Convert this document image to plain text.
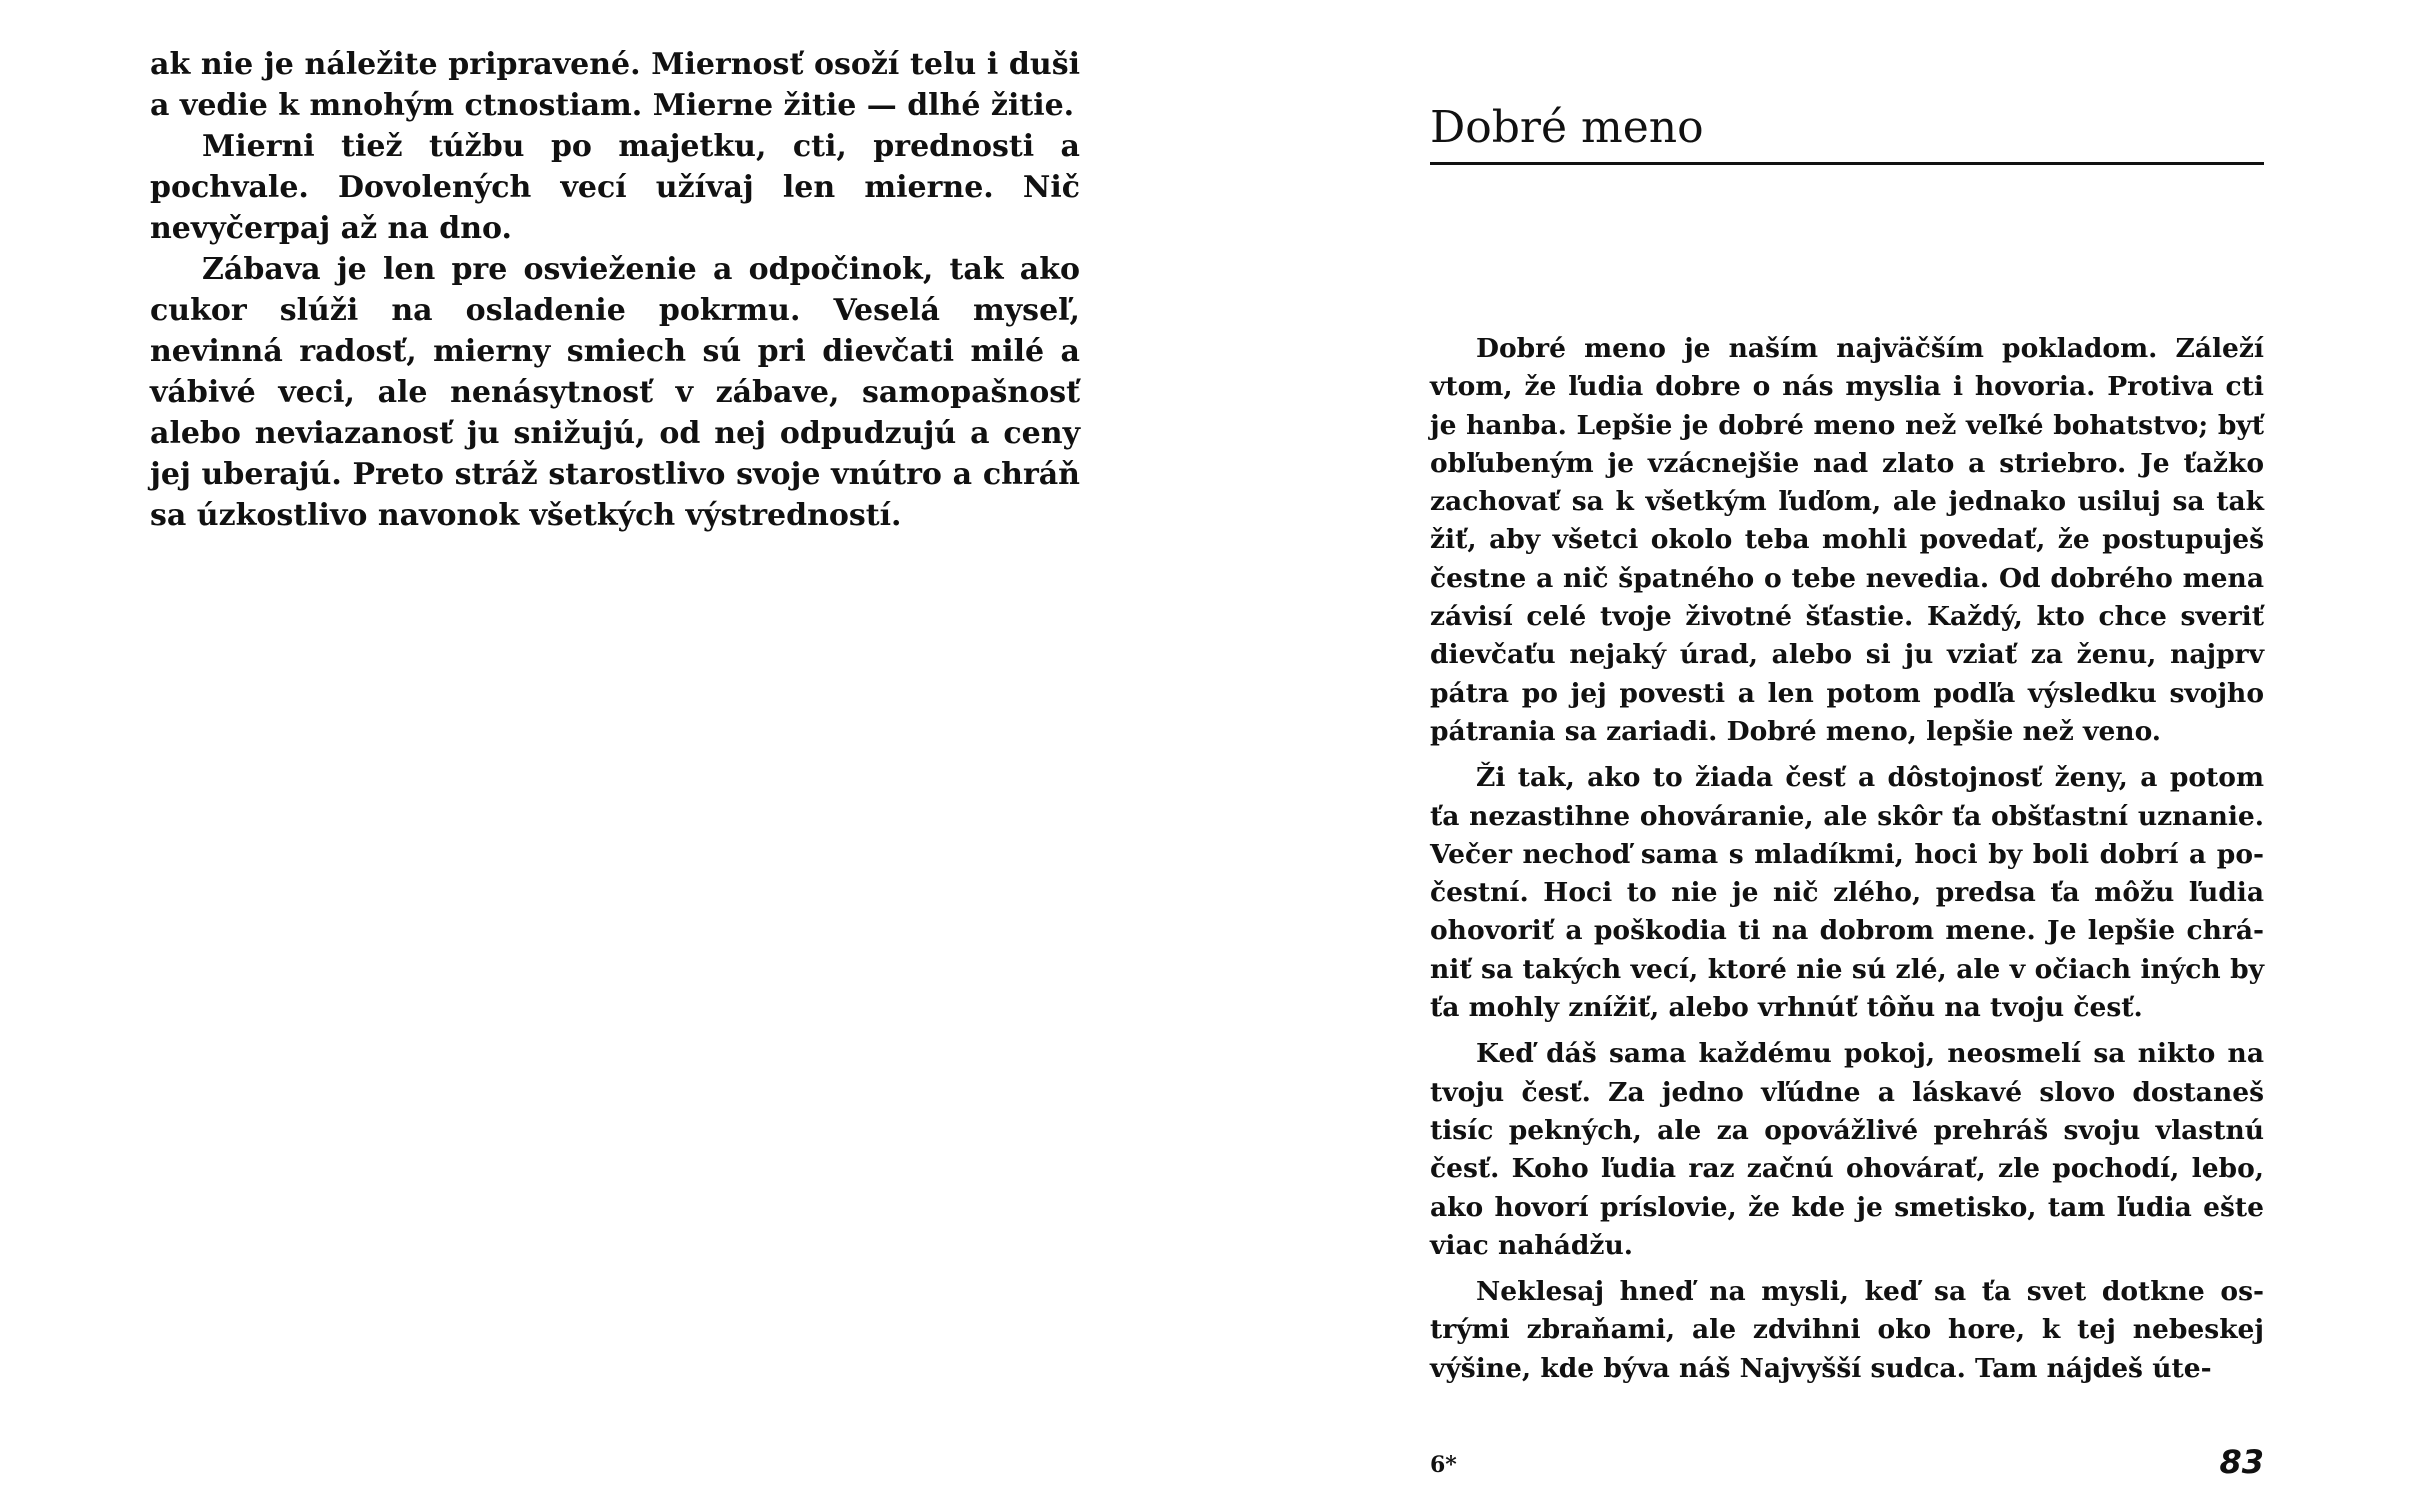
ak nie je náležite pripravené. Miernosť osoží telu i duši a vedie k mnohým ctnostiam. Mierne žitie — dlhé žitie.

Mierni tiež túžbu po majetku, cti, prednosti a pochvale. Dovolených vecí užívaj len mierne. Nič nevyčerpaj až na dno.

Zábava je len pre osvieženie a odpočinok, tak ako cukor slúži na osladenie pokrmu. Veselá myseľ, nevinná radosť, mierny smiech sú pri dievčati milé a vábivé veci, ale nenásytnosť v zábave, samopašnosť alebo neviazanosť ju snižujú, od nej odpudzujú a ceny jej uberajú. Preto stráž starostlivo svoje vnútro a chráň sa úzkostlivo navonok všetkých výstredností.

Dobré meno

Dobré meno je naším najväčším pokladom. Záleží vtom, že ľudia dobre o nás myslia i hovoria. Protiva cti je hanba. Lepšie je dobré meno než veľké bohatstvo; byť obľubeným je vzácnejšie nad zlato a striebro. Je ťažko zachovať sa k všetkým ľuďom, ale jednako usiluj sa tak žiť, aby všetci okolo teba mohli povedať, že postupuješ čestne a nič špatného o tebe nevedia. Od dobrého mena závisí celé tvoje životné šťastie. Každý, kto chce sveriť dievčaťu nejaký úrad, alebo si ju vziať za ženu, najprv pátra po jej povesti a len potom podľa výsledku svojho pátrania sa zariadi. Dobré meno, lepšie než veno.

Ži tak, ako to žiada česť a dôstojnosť ženy, a potom ťa nezastihne ohováranie, ale skôr ťa obšťastní uznanie. Večer nechoď sama s mladíkmi, hoci by boli dobrí a počestní. Hoci to nie je nič zlého, predsa ťa môžu ľudia ohovoriť a poškodia ti na dobrom mene. Je lepšie chrániť sa takých vecí, ktoré nie sú zlé, ale v očiach iných by ťa mohly znížiť, alebo vrhnúť tôňu na tvoju česť.

Keď dáš sama každému pokoj, neosmelí sa nikto na tvoju česť. Za jedno vľúdne a láskavé slovo dostaneš tisíc pekných, ale za opovážlivé prehráš svoju vlastnú česť. Koho ľudia raz začnú ohovárať, zle pochodí, lebo, ako hovorí príslovie, že kde je smetisko, tam ľudia ešte viac nahádžu.

Neklesaj hneď na mysli, keď sa ťa svet dotkne ostrými zbraňami, ale zdvihni oko hore, k tej nebeskej výšine, kde býva náš Najvyšší sudca. Tam nájdeš úte-

6*	83
